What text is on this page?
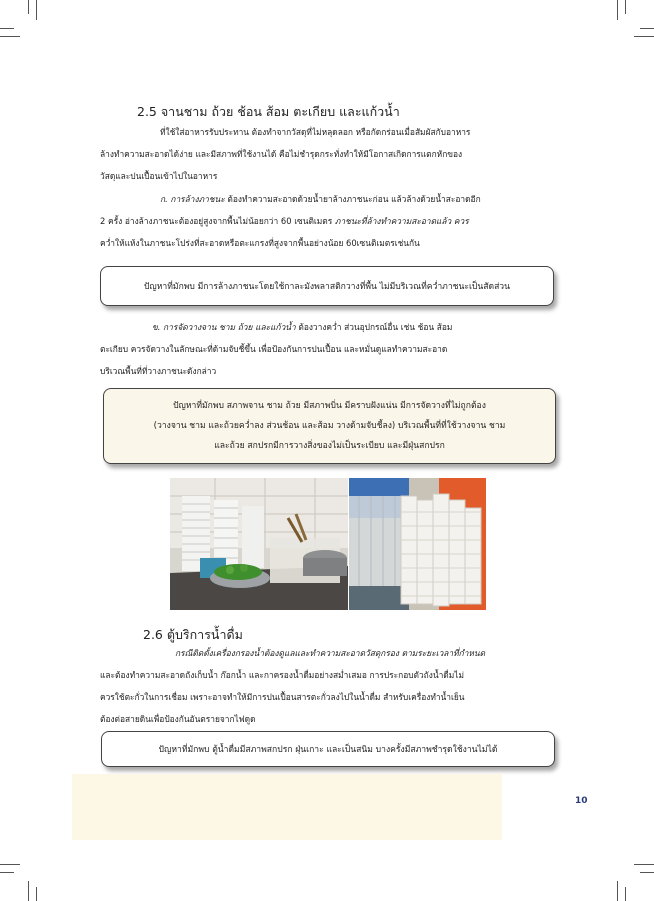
2.5 จานชาม ถ้วย ช้อน ส้อม ตะเกียบ และแก้วน้ำ
ที่ใช้ใส่อาหารรับประทาน ต้องทำจากวัสดุที่ไม่หลุดลอก หรือกัดกร่อนเมื่อสัมผัสกับอาหาร
ล้างทำความสะอาดได้ง่าย และมีสภาพที่ใช้งานได้ คือไม่ชำรุดกระทั่งทำให้มีโอกาสเกิดการแตกหักของ
วัสดุและปนเปื้อนเข้าไปในอาหาร
ก. การล้างภาชนะ ต้องทำความสะอาดด้วยน้ำยาล้างภาชนะก่อน แล้วล้างด้วยน้ำสะอาดอีก
2 ครั้ง อ่างล้างภาชนะต้องอยู่สูงจากพื้นไม่น้อยกว่า 60 เซนติเมตร ภาชนะที่ล้างทำความสะอาดแล้ว ควร
คว่ำให้แห้งในภาชนะโปร่งที่สะอาดหรือตะแกรงที่สูงจากพื้นอย่างน้อย 60เซนติเมตรเช่นกัน
ปัญหาที่มักพบ มีการล้างภาชนะโดยใช้กาละมังพลาสติกวางที่พื้น ไม่มีบริเวณที่คว่ำภาชนะเป็นสัดส่วน
ข. การจัดวางจาน ชาม ถ้วย และแก้วน้ำ ต้องวางคว่ำ ส่วนอุปกรณ์อื่น เช่น ช้อน ส้อม
ตะเกียบ ควรจัดวางในลักษณะที่ด้ามจับชี้ขึ้น เพื่อป้องกันการปนเปื้อน และหมั่นดูแลทำความสะอาด
บริเวณพื้นที่ที่วางภาชนะดังกล่าว
ปัญหาที่มักพบ สภาพจาน ชาม ถ้วย มีสภาพบิ่น มีคราบฝังแน่น มีการจัดวางที่ไม่ถูกต้อง
(วางจาน ชาม และถ้วยคว่ำลง ส่วนช้อน และส้อม วางด้ามจับชี้ลง) บริเวณพื้นที่ที่ใช้วางจาน ชาม
และถ้วย สกปรกมีการวางสิ่งของไม่เป็นระเบียบ และมีฝุ่นสกปรก
2.6 ตู้บริการน้ำดื่ม
กรณีติดตั้งเครื่องกรองน้ำต้องดูแลและทำความสะอาดวัสดุกรอง ตามระยะเวลาที่กำหนด
และต้องทำความสะอาดถังเก็บน้ำ ก๊อกน้ำ และกาครองน้ำดื่มอย่างสม่ำเสมอ การประกอบตัวถังน้ำดื่มไม่
ควรใช้ตะกั่วในการเชื่อม เพราะอาจทำให้มีการปนเปื้อนสารตะกั่วลงไปในน้ำดื่ม สำหรับเครื่องทำน้ำเย็น
ต้องต่อสายดินเพื่อป้องกันอันตรายจากไฟดูด
ปัญหาที่มักพบ ตู้น้ำดื่มมีสภาพสกปรก ฝุ่นเกาะ และเป็นสนิม บางครั้งมีสภาพชำรุดใช้งานไม่ได้
10
